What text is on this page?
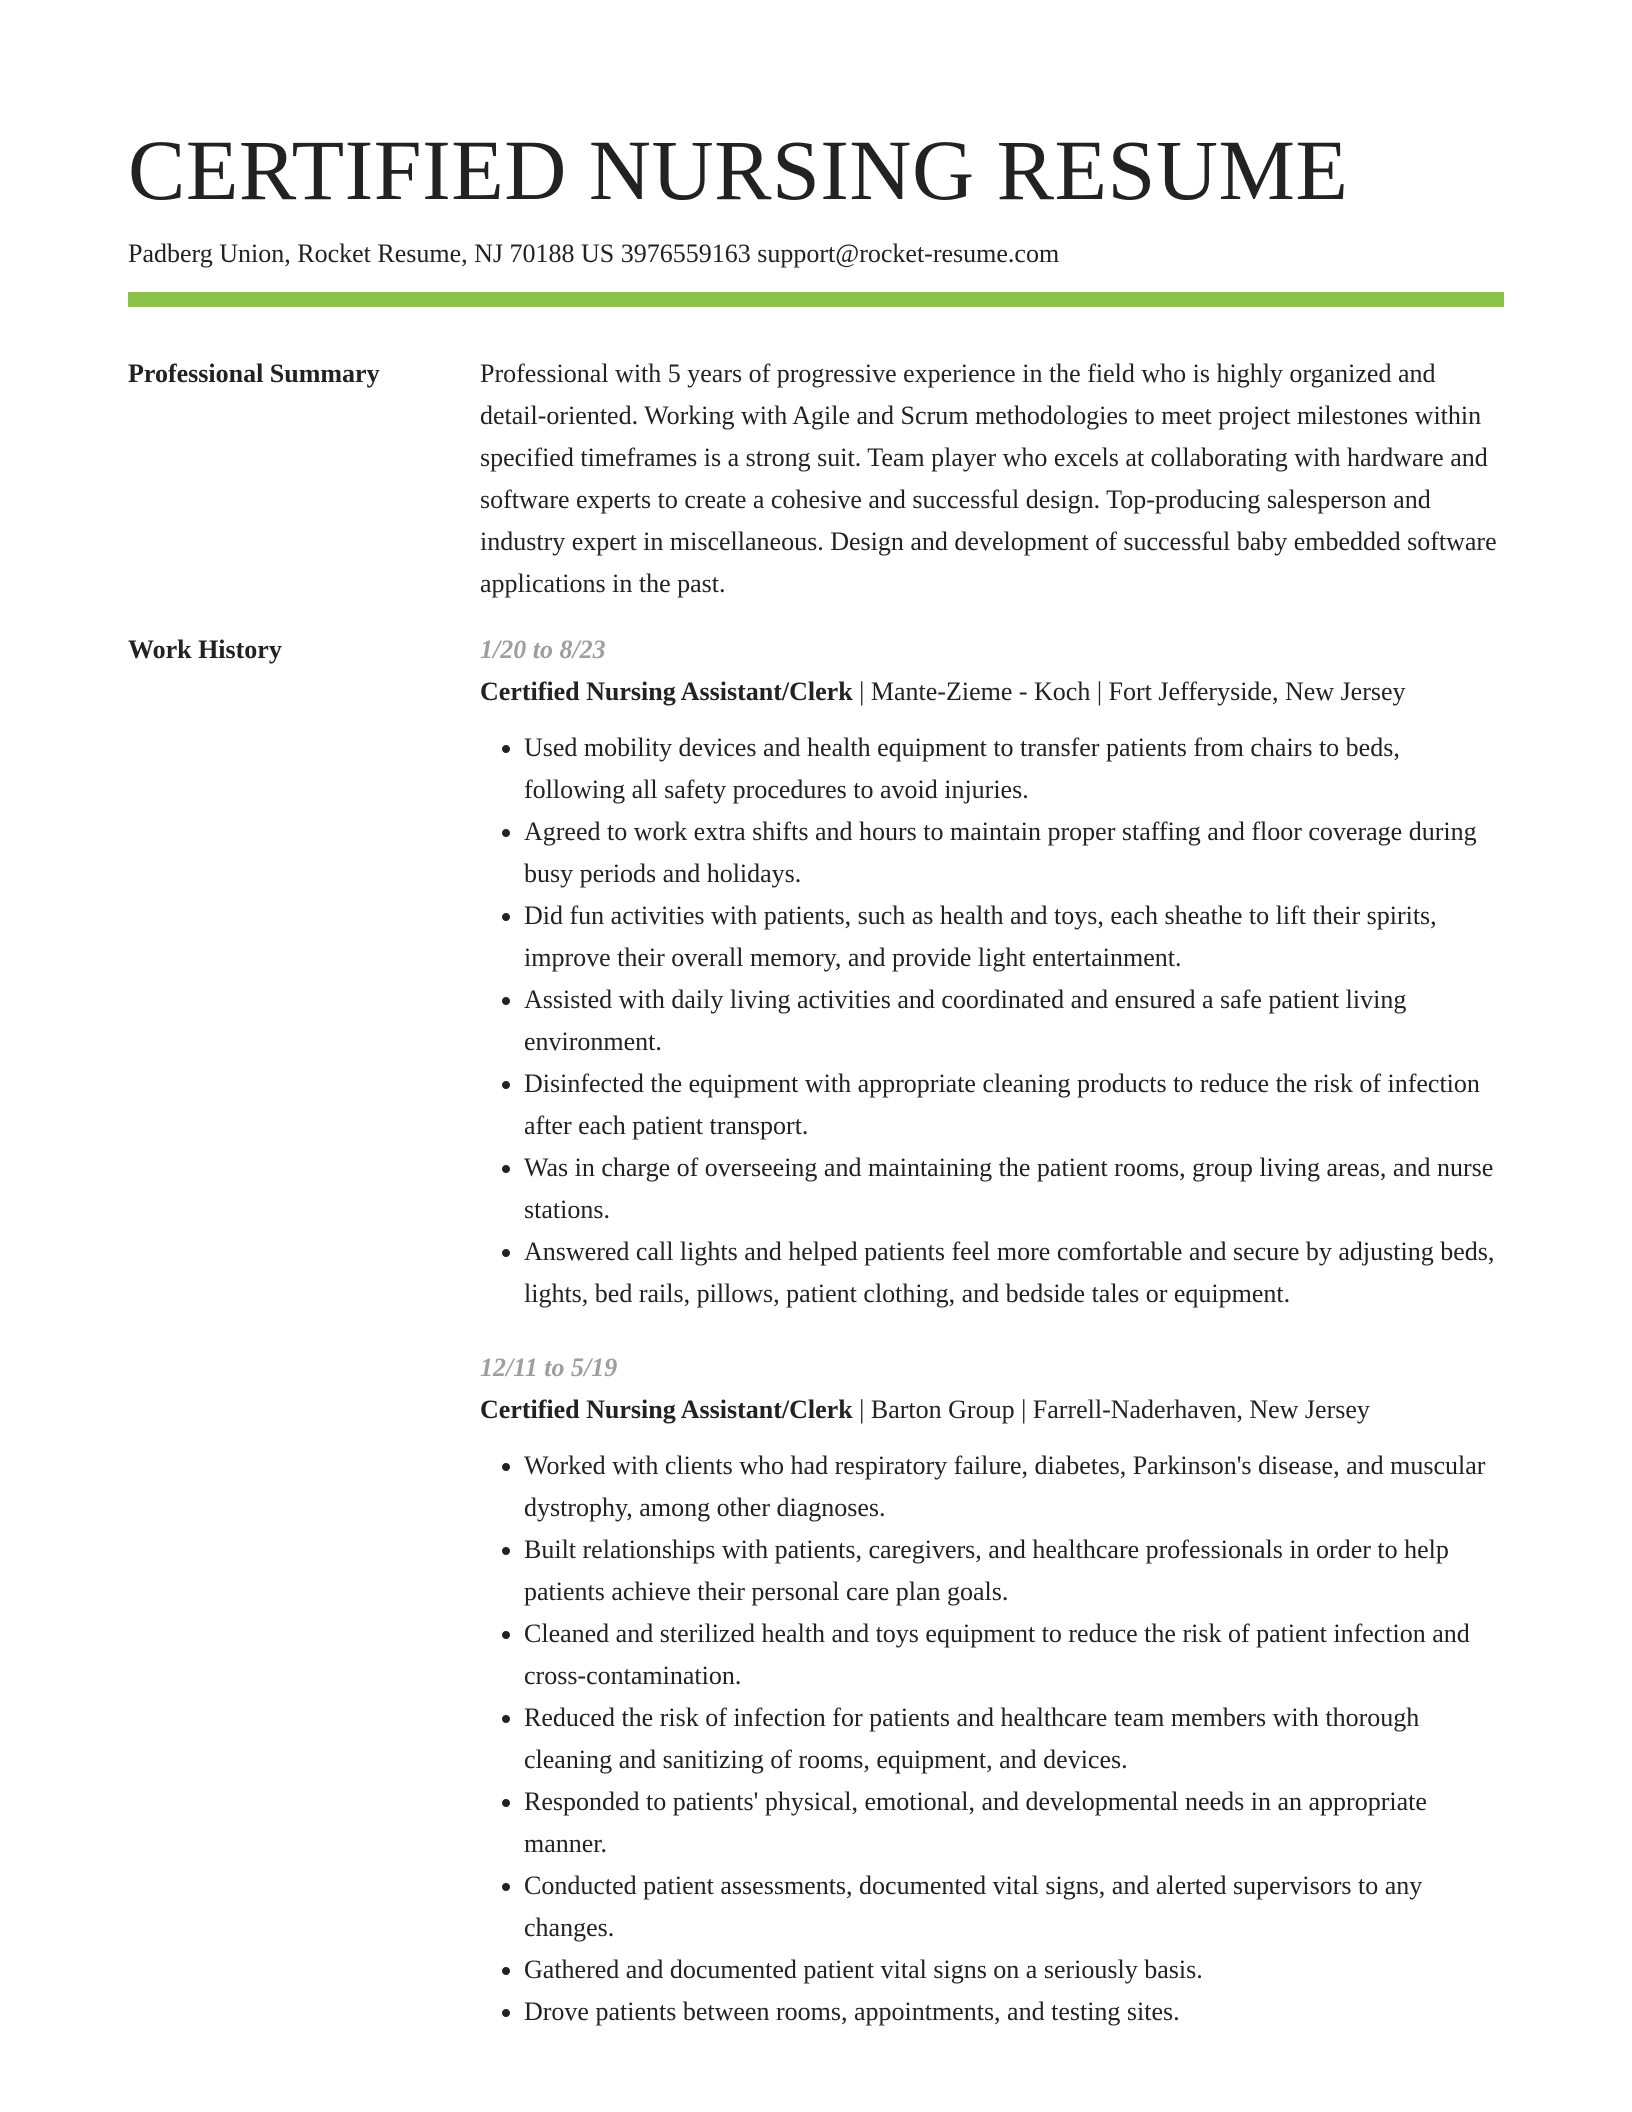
CERTIFIED NURSING RESUME
Padberg Union, Rocket Resume, NJ 70188 US 3976559163 support@rocket-resume.com
Professional Summary	Professional with 5 years of progressive experience in the field who is highly organized and detail-oriented. Working with Agile and Scrum methodologies to meet project milestones within specified timeframes is a strong suit. Team player who excels at collaborating with hardware and software experts to create a cohesive and successful design. Top-producing salesperson and industry expert in miscellaneous. Design and development of successful baby embedded software applications in the past.

Work History	1/20 to 8/23

Certified Nursing Assistant/Clerk | Mante-Zieme - Koch | Fort Jefferyside, New Jersey

• Used mobility devices and health equipment to transfer patients from chairs to beds, following all safety procedures to avoid injuries.
• Agreed to work extra shifts and hours to maintain proper staffing and floor coverage during busy periods and holidays.
• Did fun activities with patients, such as health and toys, each sheathe to lift their spirits, improve their overall memory, and provide light entertainment.
• Assisted with daily living activities and coordinated and ensured a safe patient living environment.
• Disinfected the equipment with appropriate cleaning products to reduce the risk of infection after each patient transport.
• Was in charge of overseeing and maintaining the patient rooms, group living areas, and nurse stations.
• Answered call lights and helped patients feel more comfortable and secure by adjusting beds, lights, bed rails, pillows, patient clothing, and bedside tales or equipment.
12/11 to 5/19

Certified Nursing Assistant/Clerk | Barton Group | Farrell-Naderhaven, New Jersey

• Worked with clients who had respiratory failure, diabetes, Parkinson's disease, and muscular dystrophy, among other diagnoses.
• Built relationships with patients, caregivers, and healthcare professionals in order to help patients achieve their personal care plan goals.
• Cleaned and sterilized health and toys equipment to reduce the risk of patient infection and cross-contamination.
• Reduced the risk of infection for patients and healthcare team members with thorough cleaning and sanitizing of rooms, equipment, and devices.
• Responded to patients' physical, emotional, and developmental needs in an appropriate manner.
• Conducted patient assessments, documented vital signs, and alerted supervisors to any changes.
• Gathered and documented patient vital signs on a seriously basis.
• Drove patients between rooms, appointments, and testing sites.
